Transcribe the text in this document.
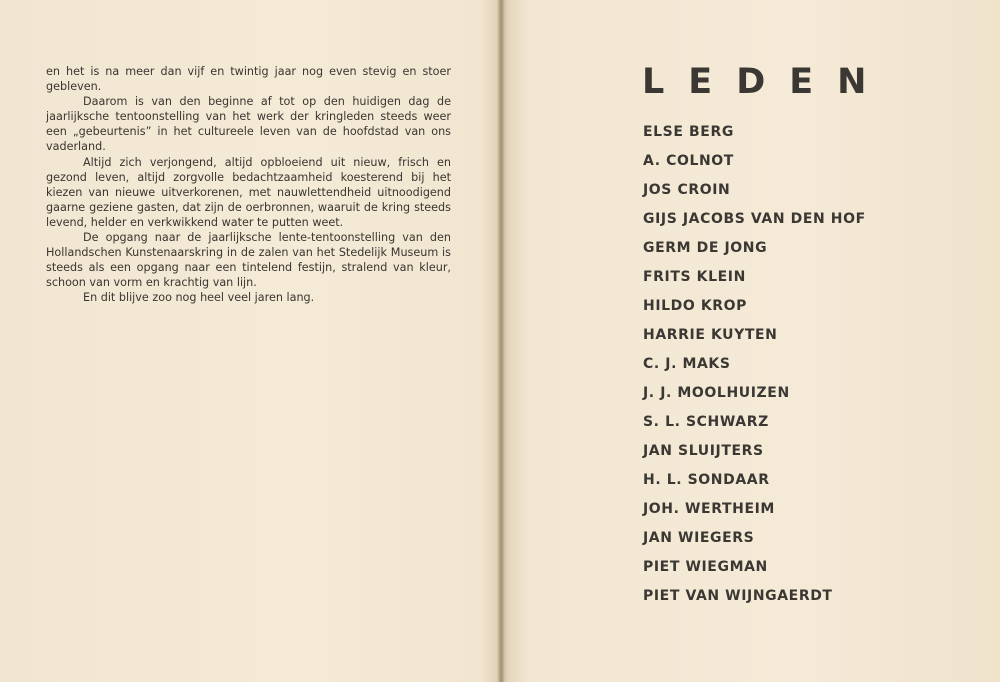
en het is na meer dan vijf en twintig jaar nog even stevig en stoer gebleven.

Daarom is van den beginne af tot op den huidigen dag de jaarlijksche tentoonstelling van het werk der kringleden steeds weer een „gebeurtenis” in het cultureele leven van de hoofdstad van ons vaderland.

Altijd zich verjongend, altijd opbloeiend uit nieuw, frisch en gezond leven, altijd zorgvolle bedachtzaamheid koesterend bij het kiezen van nieuwe uitverkorenen, met nauwlettendheid uitnoodigend gaarne geziene gasten, dat zijn de oerbronnen, waaruit de kring steeds levend, helder en verkwikkend water te putten weet.

De opgang naar de jaarlijksche lente-tentoonstelling van den Hollandschen Kunstenaarskring in de zalen van het Stedelijk Museum is steeds als een opgang naar een tintelend festijn, stralend van kleur, schoon van vorm en krachtig van lijn.

En dit blijve zoo nog heel veel jaren lang.

LEDEN
ELSE BERG
A. COLNOT
JOS CROIN
GIJS JACOBS VAN DEN HOF
GERM DE JONG
FRITS KLEIN
HILDO KROP
HARRIE KUYTEN
C. J. MAKS
J. J. MOOLHUIZEN
S. L. SCHWARZ
JAN SLUIJTERS
H. L. SONDAAR
JOH. WERTHEIM
JAN WIEGERS
PIET WIEGMAN
PIET VAN WIJNGAERDT
